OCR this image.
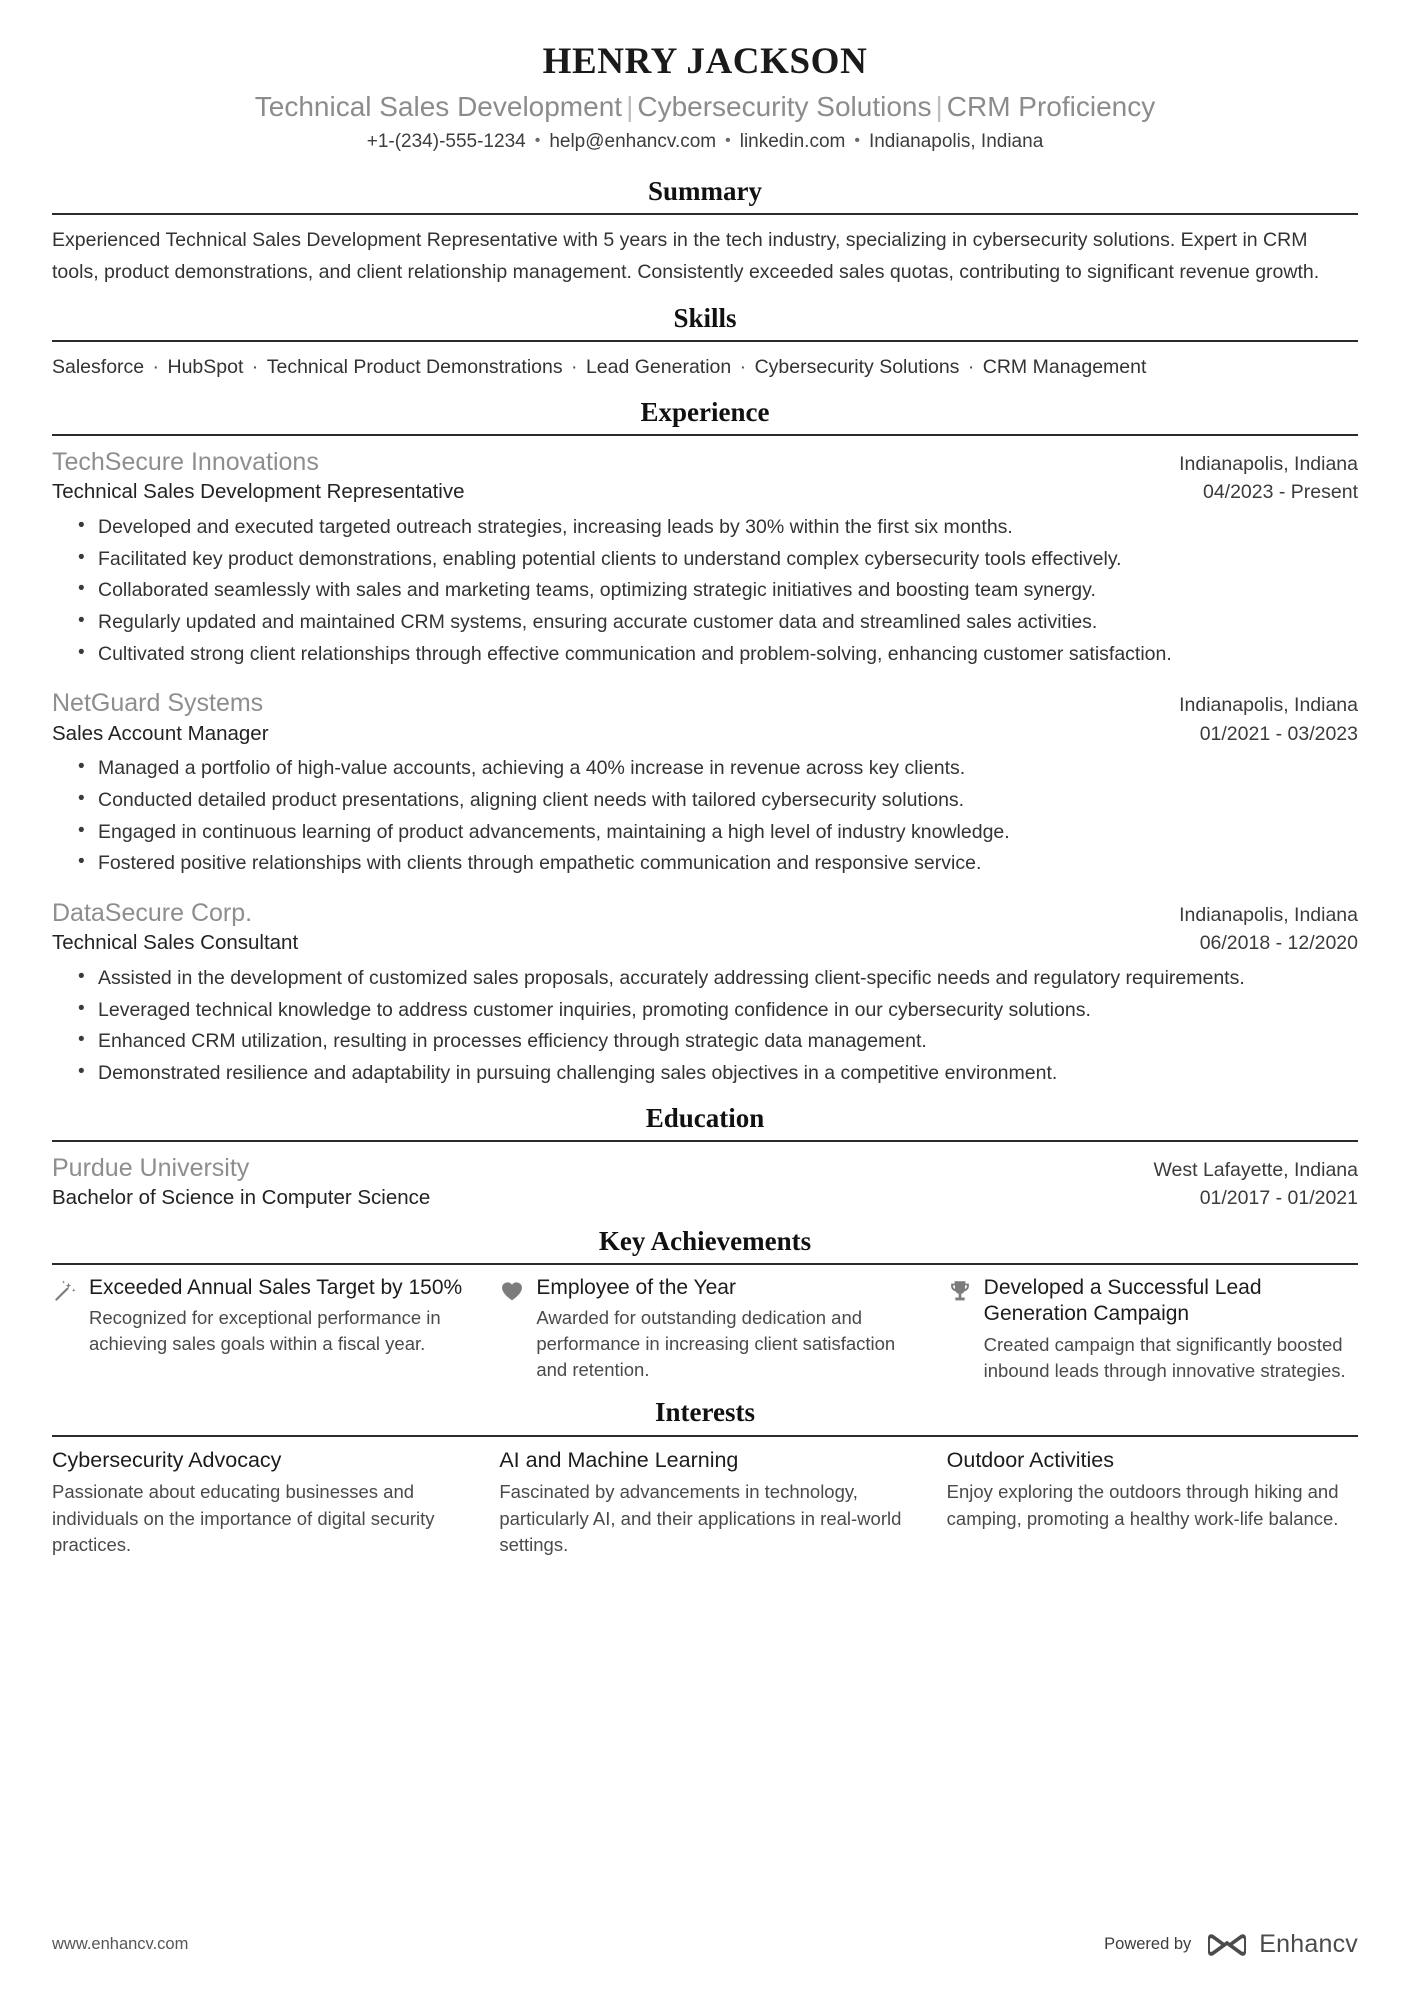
HENRY JACKSON
Technical Sales Development | Cybersecurity Solutions | CRM Proficiency
+1-(234)-555-1234 • help@enhancv.com • linkedin.com • Indianapolis, Indiana
Summary

Experienced Technical Sales Development Representative with 5 years in the tech industry, specializing in cybersecurity solutions. Expert in CRM tools, product demonstrations, and client relationship management. Consistently exceeded sales quotas, contributing to significant revenue growth.

Skills

Salesforce · HubSpot · Technical Product Demonstrations · Lead Generation · Cybersecurity Solutions · CRM Management

Experience
TechSecure Innovations	Indianapolis, Indiana
Technical Sales Development Representative	04/2023 - Present
• Developed and executed targeted outreach strategies, increasing leads by 30% within the first six months.
• Facilitated key product demonstrations, enabling potential clients to understand complex cybersecurity tools effectively.
• Collaborated seamlessly with sales and marketing teams, optimizing strategic initiatives and boosting team synergy.
• Regularly updated and maintained CRM systems, ensuring accurate customer data and streamlined sales activities.
• Cultivated strong client relationships through effective communication and problem-solving, enhancing customer satisfaction.
NetGuard Systems	Indianapolis, Indiana
Sales Account Manager	01/2021 - 03/2023
• Managed a portfolio of high-value accounts, achieving a 40% increase in revenue across key clients.
• Conducted detailed product presentations, aligning client needs with tailored cybersecurity solutions.
• Engaged in continuous learning of product advancements, maintaining a high level of industry knowledge.
• Fostered positive relationships with clients through empathetic communication and responsive service.
DataSecure Corp.	Indianapolis, Indiana
Technical Sales Consultant	06/2018 - 12/2020
• Assisted in the development of customized sales proposals, accurately addressing client-specific needs and regulatory requirements.
• Leveraged technical knowledge to address customer inquiries, promoting confidence in our cybersecurity solutions.
• Enhanced CRM utilization, resulting in processes efficiency through strategic data management.
• Demonstrated resilience and adaptability in pursuing challenging sales objectives in a competitive environment.
Education
Purdue University	West Lafayette, Indiana
Bachelor of Science in Computer Science	01/2017 - 01/2021
Key Achievements

Exceeded Annual Sales Target by 150%

Recognized for exceptional performance in achieving sales goals within a fiscal year.

Employee of the Year

Awarded for outstanding dedication and performance in increasing client satisfaction and retention.

Developed a Successful Lead Generation Campaign

Created campaign that significantly boosted inbound leads through innovative strategies.

Interests

Cybersecurity Advocacy

Passionate about educating businesses and individuals on the importance of digital security practices.

AI and Machine Learning

Fascinated by advancements in technology, particularly AI, and their applications in real-world settings.

Outdoor Activities

Enjoy exploring the outdoors through hiking and camping, promoting a healthy work-life balance.

www.enhancv.com	Powered by	Enhancv
